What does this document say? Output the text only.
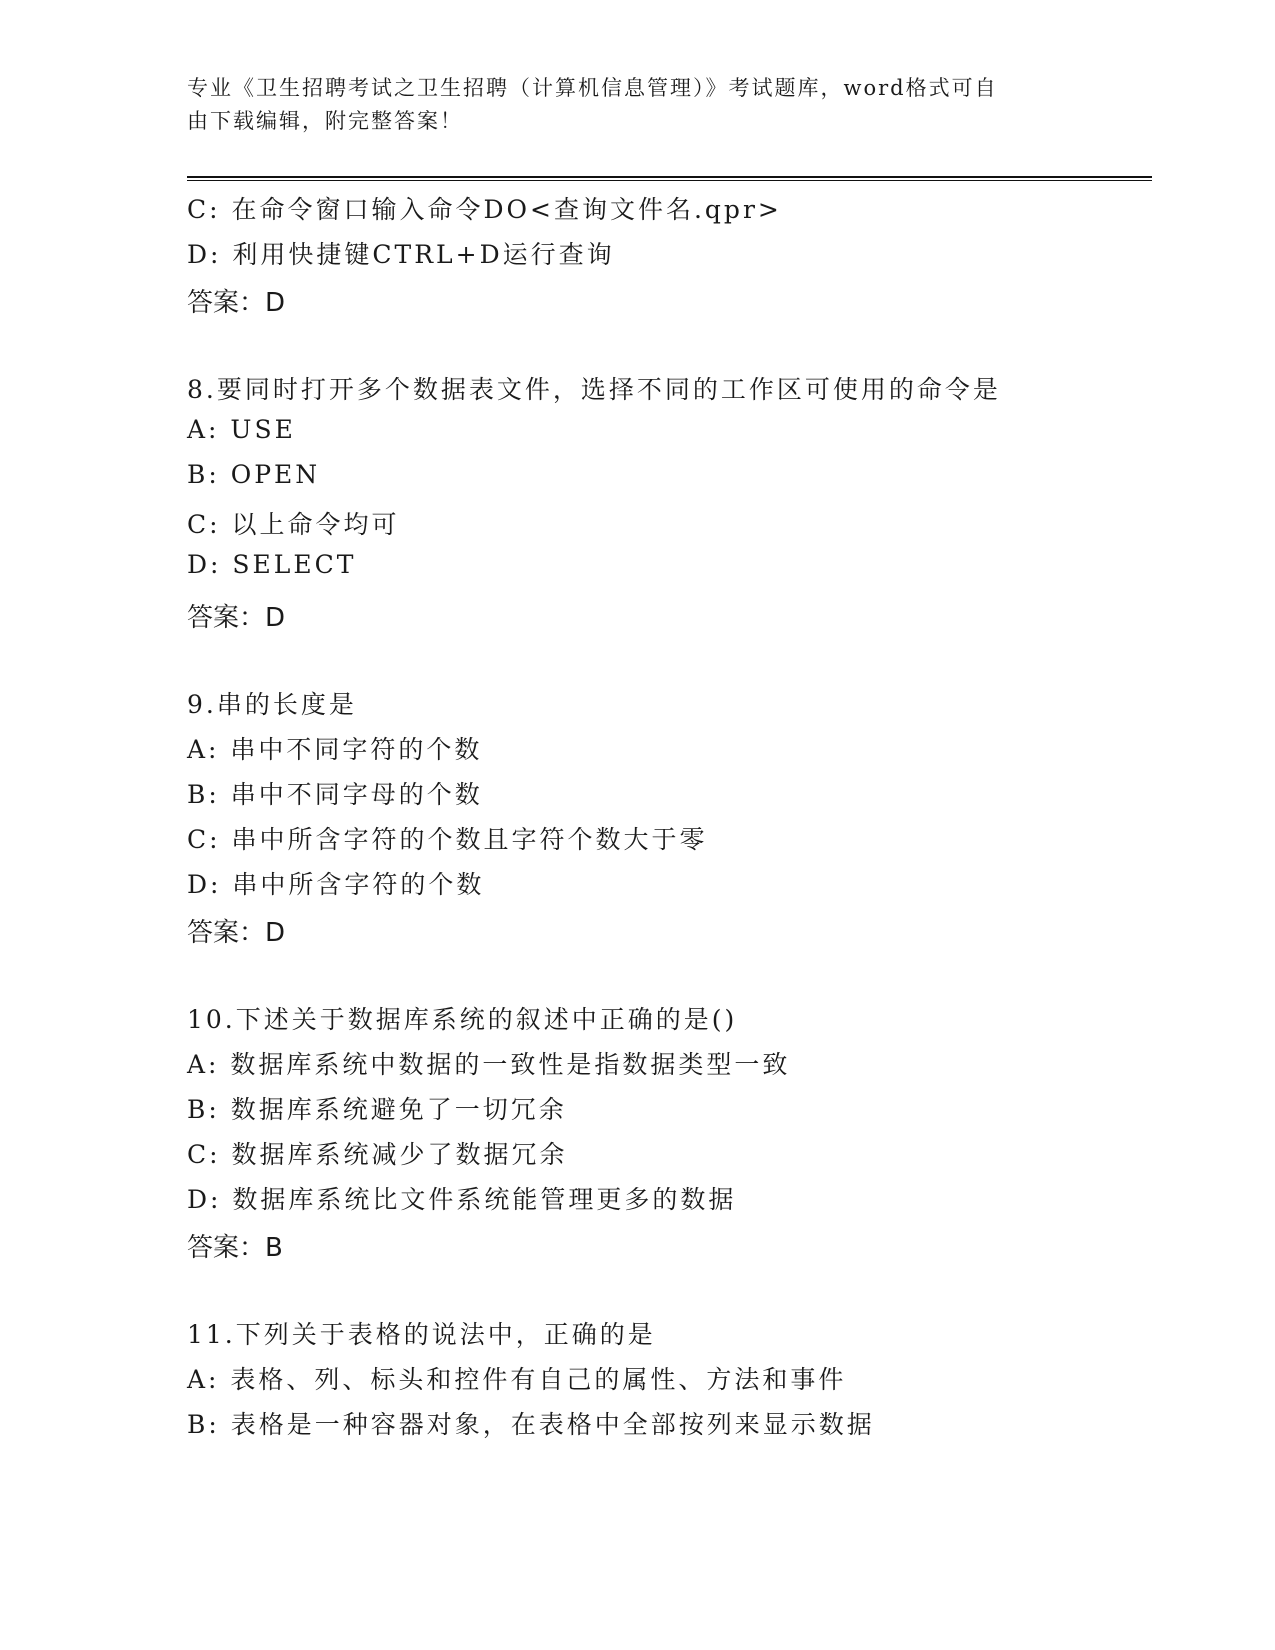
专业《卫生招聘考试之卫生招聘（计算机信息管理）》考试题库，word格式可自
由下载编辑，附完整答案！
C: 在命令窗口输入命令DO<查询文件名.qpr>
D: 利用快捷键CTRL+D运行查询
答案：D
8.要同时打开多个数据表文件，选择不同的工作区可使用的命令是
A: USE
B: OPEN
C: 以上命令均可
D: SELECT
答案：D
9.串的长度是
A: 串中不同字符的个数
B: 串中不同字母的个数
C: 串中所含字符的个数且字符个数大于零
D: 串中所含字符的个数
答案：D
10.下述关于数据库系统的叙述中正确的是()
A: 数据库系统中数据的一致性是指数据类型一致
B: 数据库系统避免了一切冗余
C: 数据库系统减少了数据冗余
D: 数据库系统比文件系统能管理更多的数据
答案：B
11.下列关于表格的说法中，正确的是
A: 表格、列、标头和控件有自己的属性、方法和事件
B: 表格是一种容器对象，在表格中全部按列来显示数据
